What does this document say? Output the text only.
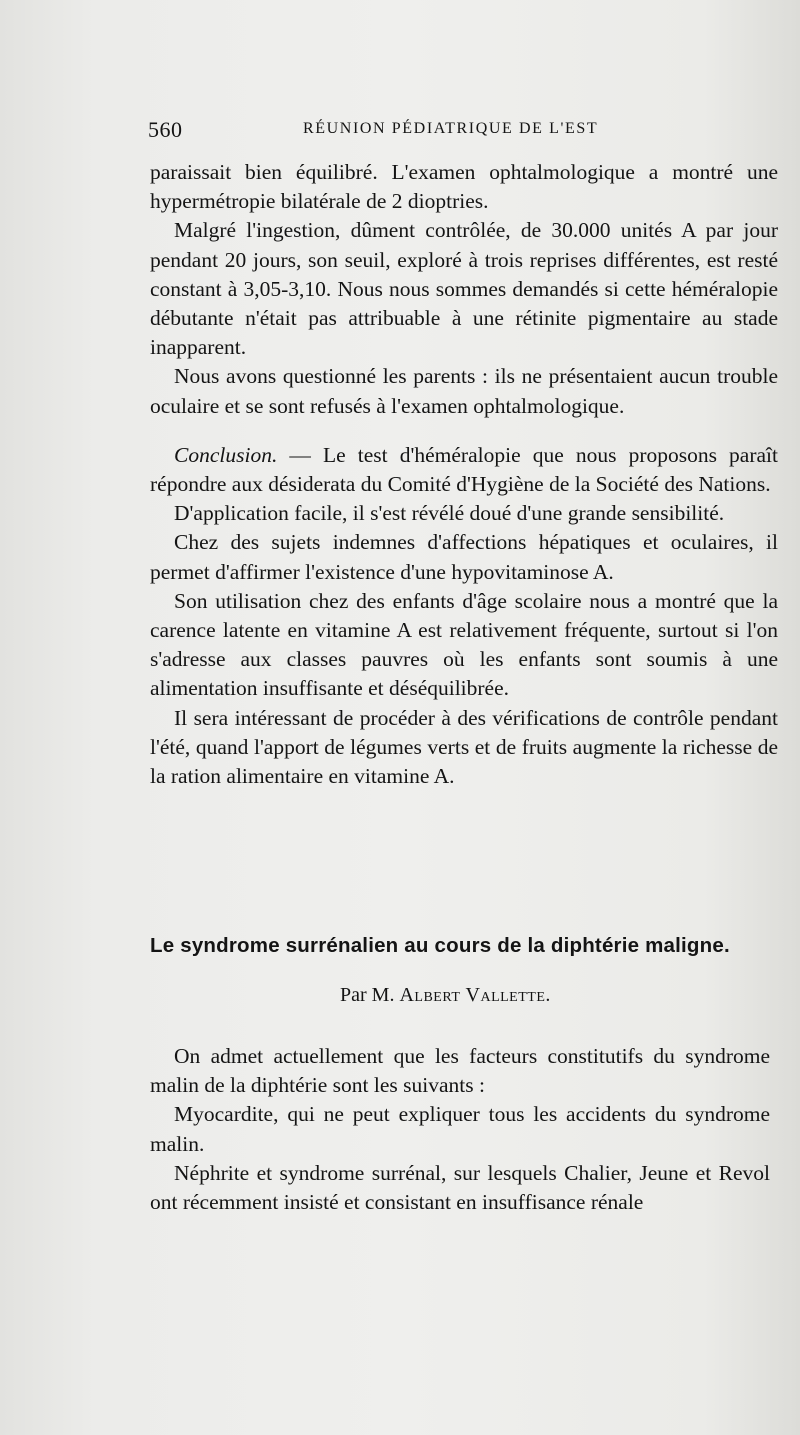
560	RÉUNION PÉDIATRIQUE DE L'EST

paraissait bien équilibré. L'examen ophtalmologique a montré une hypermétropie bilatérale de 2 dioptries.

Malgré l'ingestion, dûment contrôlée, de 30.000 unités A par jour pendant 20 jours, son seuil, exploré à trois reprises différentes, est resté constant à 3,05-3,10. Nous nous sommes demandés si cette héméralopie débutante n'était pas attribuable à une rétinite pigmentaire au stade inapparent.

Nous avons questionné les parents : ils ne présentaient aucun trouble oculaire et se sont refusés à l'examen ophtalmologique.

Conclusion. — Le test d'héméralopie que nous proposons paraît répondre aux désiderata du Comité d'Hygiène de la Société des Nations.

D'application facile, il s'est révélé doué d'une grande sensibilité.

Chez des sujets indemnes d'affections hépatiques et oculaires, il permet d'affirmer l'existence d'une hypovitaminose A.

Son utilisation chez des enfants d'âge scolaire nous a montré que la carence latente en vitamine A est relativement fréquente, surtout si l'on s'adresse aux classes pauvres où les enfants sont soumis à une alimentation insuffisante et déséquilibrée.

Il sera intéressant de procéder à des vérifications de contrôle pendant l'été, quand l'apport de légumes verts et de fruits augmente la richesse de la ration alimentaire en vitamine A.

Le syndrome surrénalien au cours de la diphtérie maligne.
Par M. Albert Vallette.

On admet actuellement que les facteurs constitutifs du syndrome malin de la diphtérie sont les suivants :

Myocardite, qui ne peut expliquer tous les accidents du syndrome malin.

Néphrite et syndrome surrénal, sur lesquels Chalier, Jeune et Revol ont récemment insisté et consistant en insuffisance rénale
